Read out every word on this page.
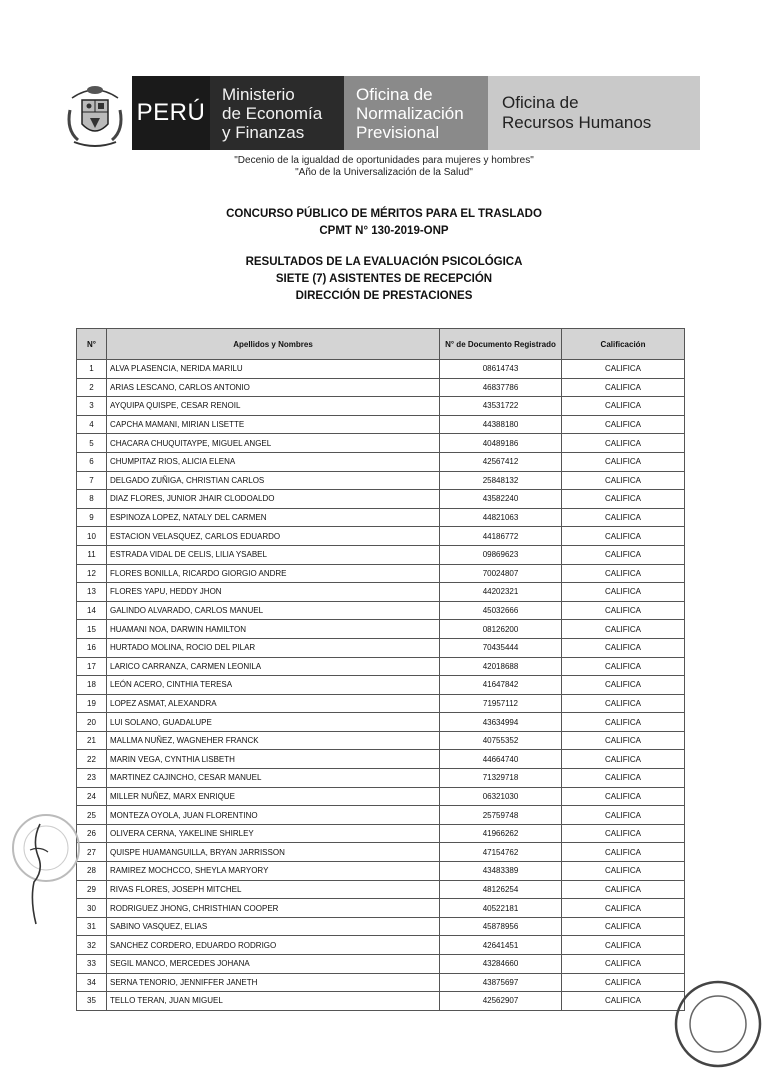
PERÚ
Ministerio
de Economía
y Finanzas
Oficina de
Normalización
Previsional
Oficina de
Recursos Humanos
"Decenio de la igualdad de oportunidades para mujeres y hombres"
"Año de la Universalización de la Salud"
CONCURSO PÚBLICO DE MÉRITOS PARA EL TRASLADO
CPMT N° 130-2019-ONP
RESULTADOS DE LA EVALUACIÓN PSICOLÓGICA
SIETE (7) ASISTENTES DE RECEPCIÓN
DIRECCIÓN DE PRESTACIONES
N°	Apellidos y Nombres	N° de Documento Registrado	Calificación
1	ALVA PLASENCIA, NERIDA MARILU	08614743	CALIFICA
2	ARIAS LESCANO, CARLOS ANTONIO	46837786	CALIFICA
3	AYQUIPA QUISPE, CESAR RENOIL	43531722	CALIFICA
4	CAPCHA MAMANI, MIRIAN LISETTE	44388180	CALIFICA
5	CHACARA CHUQUITAYPE, MIGUEL ANGEL	40489186	CALIFICA
6	CHUMPITAZ RIOS, ALICIA ELENA	42567412	CALIFICA
7	DELGADO ZUÑIGA, CHRISTIAN CARLOS	25848132	CALIFICA
8	DIAZ FLORES, JUNIOR JHAIR CLODOALDO	43582240	CALIFICA
9	ESPINOZA LOPEZ, NATALY DEL CARMEN	44821063	CALIFICA
10	ESTACION VELASQUEZ, CARLOS EDUARDO	44186772	CALIFICA
11	ESTRADA VIDAL DE CELIS, LILIA YSABEL	09869623	CALIFICA
12	FLORES BONILLA, RICARDO GIORGIO ANDRE	70024807	CALIFICA
13	FLORES YAPU, HEDDY JHON	44202321	CALIFICA
14	GALINDO ALVARADO, CARLOS MANUEL	45032666	CALIFICA
15	HUAMANI NOA, DARWIN HAMILTON	08126200	CALIFICA
16	HURTADO MOLINA, ROCIO DEL PILAR	70435444	CALIFICA
17	LARICO CARRANZA, CARMEN LEONILA	42018688	CALIFICA
18	LEÓN ACERO, CINTHIA TERESA	41647842	CALIFICA
19	LOPEZ ASMAT, ALEXANDRA	71957112	CALIFICA
20	LUI SOLANO, GUADALUPE	43634994	CALIFICA
21	MALLMA NUÑEZ, WAGNEHER FRANCK	40755352	CALIFICA
22	MARIN VEGA, CYNTHIA LISBETH	44664740	CALIFICA
23	MARTINEZ CAJINCHO, CESAR MANUEL	71329718	CALIFICA
24	MILLER NUÑEZ, MARX ENRIQUE	06321030	CALIFICA
25	MONTEZA OYOLA, JUAN FLORENTINO	25759748	CALIFICA
26	OLIVERA CERNA, YAKELINE SHIRLEY	41966262	CALIFICA
27	QUISPE HUAMANGUILLA, BRYAN JARRISSON	47154762	CALIFICA
28	RAMIREZ MOCHCCO, SHEYLA MARYORY	43483389	CALIFICA
29	RIVAS FLORES, JOSEPH MITCHEL	48126254	CALIFICA
30	RODRIGUEZ JHONG, CHRISTHIAN COOPER	40522181	CALIFICA
31	SABINO VASQUEZ, ELIAS	45878956	CALIFICA
32	SANCHEZ CORDERO, EDUARDO RODRIGO	42641451	CALIFICA
33	SEGIL MANCO, MERCEDES JOHANA	43284660	CALIFICA
34	SERNA TENORIO, JENNIFFER JANETH	43875697	CALIFICA
35	TELLO TERAN, JUAN MIGUEL	42562907	CALIFICA
